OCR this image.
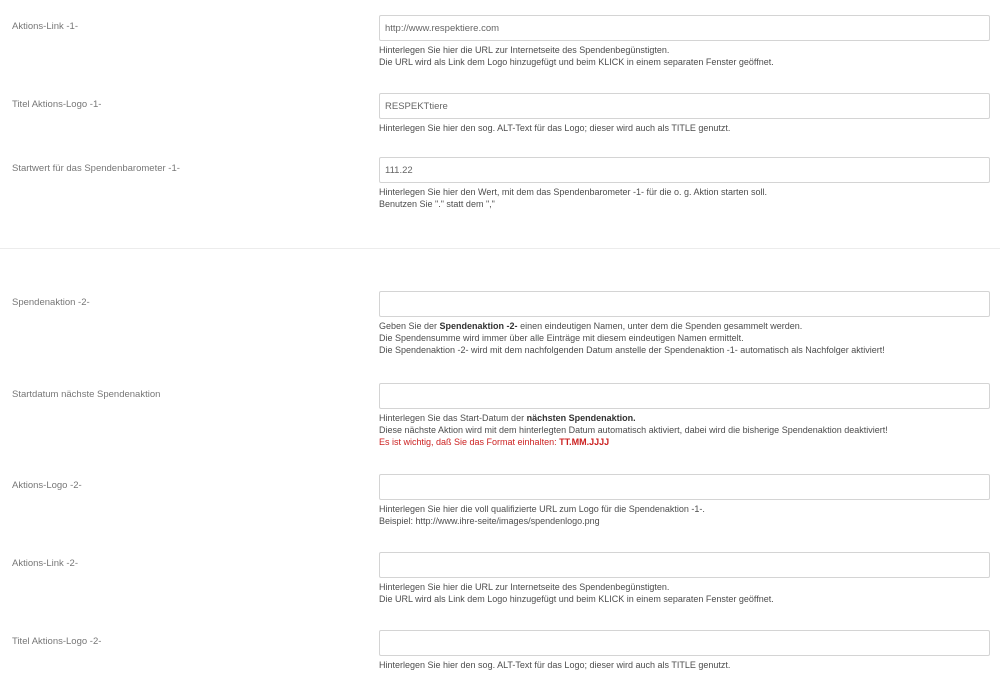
Aktions-Link -1-
http://www.respektiere.com
Hinterlegen Sie hier die URL zur Internetseite des Spendenbegünstigten.
Die URL wird als Link dem Logo hinzugefügt und beim KLICK in einem separaten Fenster geöffnet.
Titel Aktions-Logo -1-
RESPEKTtiere
Hinterlegen Sie hier den sog. ALT-Text für das Logo; dieser wird auch als TITLE genutzt.
Startwert für das Spendenbarometer -1-
111.22
Hinterlegen Sie hier den Wert, mit dem das Spendenbarometer -1- für die o. g. Aktion starten soll.
Benutzen Sie "." statt dem ","
Spendenaktion -2-
Geben Sie der Spendenaktion -2- einen eindeutigen Namen, unter dem die Spenden gesammelt werden.
Die Spendensumme wird immer über alle Einträge mit diesem eindeutigen Namen ermittelt.
Die Spendenaktion -2- wird mit dem nachfolgenden Datum anstelle der Spendenaktion -1- automatisch als Nachfolger aktiviert!
Startdatum nächste Spendenaktion
Hinterlegen Sie das Start-Datum der nächsten Spendenaktion.
Diese nächste Aktion wird mit dem hinterlegten Datum automatisch aktiviert, dabei wird die bisherige Spendenaktion deaktiviert!
Es ist wichtig, daß Sie das Format einhalten: TT.MM.JJJJ
Aktions-Logo -2-
Hinterlegen Sie hier die voll qualifizierte URL zum Logo für die Spendenaktion -1-.
Beispiel: http://www.ihre-seite/images/spendenlogo.png
Aktions-Link -2-
Hinterlegen Sie hier die URL zur Internetseite des Spendenbegünstigten.
Die URL wird als Link dem Logo hinzugefügt und beim KLICK in einem separaten Fenster geöffnet.
Titel Aktions-Logo -2-
Hinterlegen Sie hier den sog. ALT-Text für das Logo; dieser wird auch als TITLE genutzt.
